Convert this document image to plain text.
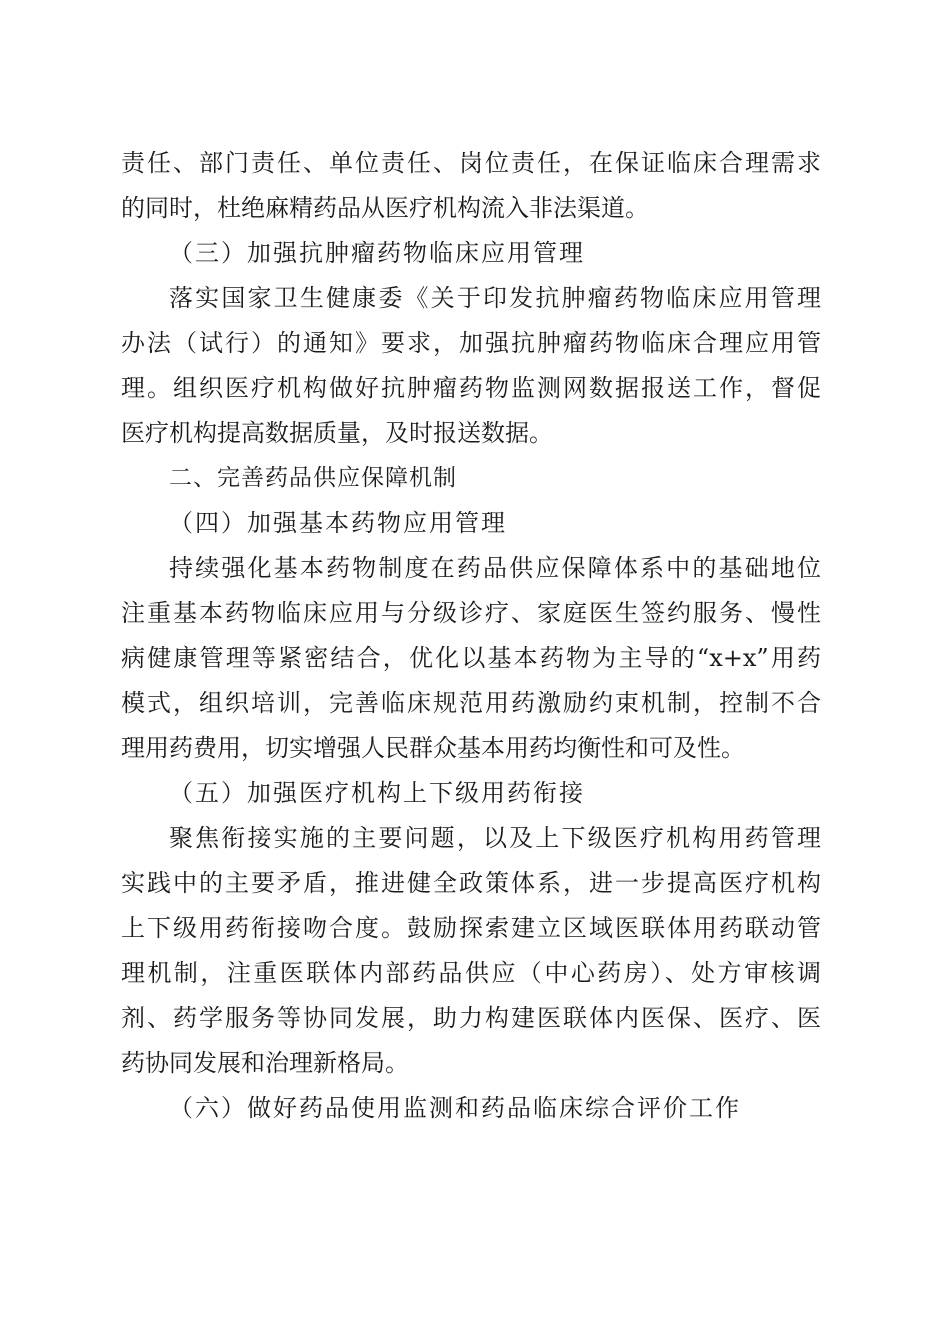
责任、部门责任、单位责任、岗位责任，在保证临床合理需求
的同时，杜绝麻精药品从医疗机构流入非法渠道。
（三）加强抗肿瘤药物临床应用管理
落实国家卫生健康委《关于印发抗肿瘤药物临床应用管理
办法（试行）的通知》要求，加强抗肿瘤药物临床合理应用管
理。组织医疗机构做好抗肿瘤药物监测网数据报送工作，督促
医疗机构提高数据质量，及时报送数据。
二、完善药品供应保障机制
（四）加强基本药物应用管理
持续强化基本药物制度在药品供应保障体系中的基础地位
注重基本药物临床应用与分级诊疗、家庭医生签约服务、慢性
病健康管理等紧密结合，优化以基本药物为主导的“x+x”用药
模式，组织培训，完善临床规范用药激励约束机制，控制不合
理用药费用，切实增强人民群众基本用药均衡性和可及性。
（五）加强医疗机构上下级用药衔接
聚焦衔接实施的主要问题，以及上下级医疗机构用药管理
实践中的主要矛盾，推进健全政策体系，进一步提高医疗机构
上下级用药衔接吻合度。鼓励探索建立区域医联体用药联动管
理机制，注重医联体内部药品供应（中心药房）、处方审核调
剂、药学服务等协同发展，助力构建医联体内医保、医疗、医
药协同发展和治理新格局。
（六）做好药品使用监测和药品临床综合评价工作
